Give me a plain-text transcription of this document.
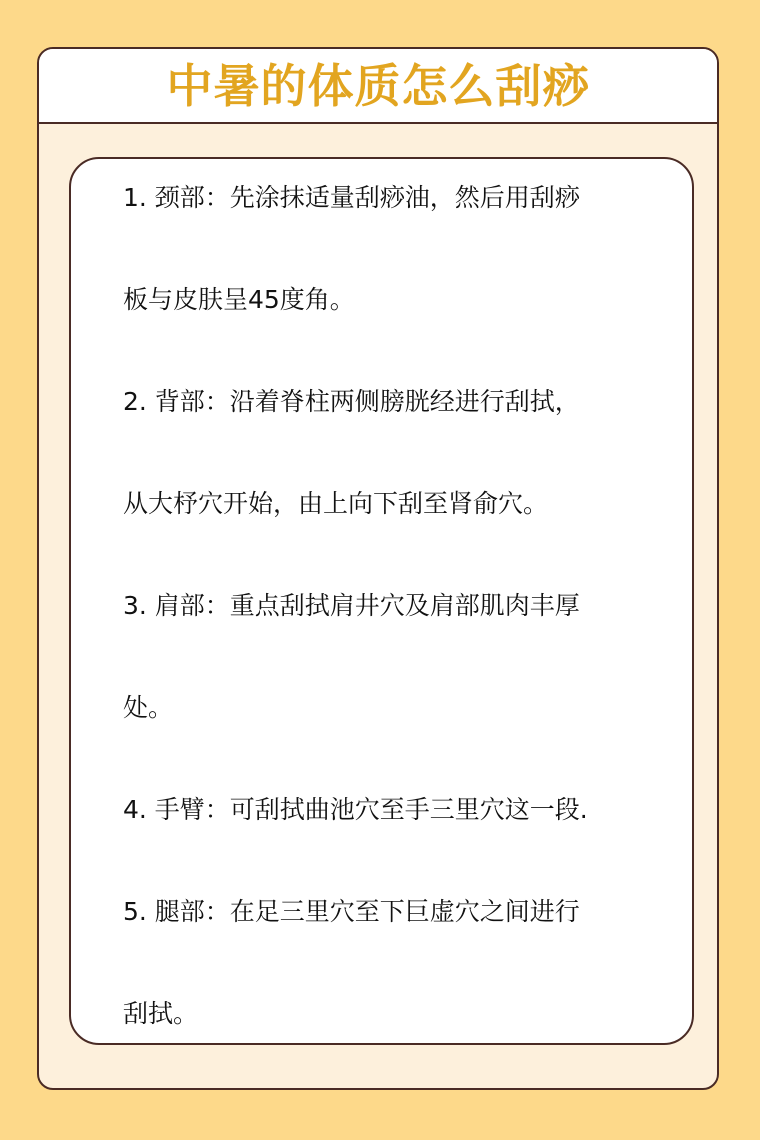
中暑的体质怎么刮痧

1. 颈部：先涂抹适量刮痧油，然后用刮痧

板与皮肤呈45度角。

2. 背部：沿着脊柱两侧膀胱经进行刮拭，

从大杼穴开始，由上向下刮至肾俞穴。

3. 肩部：重点刮拭肩井穴及肩部肌肉丰厚

处。

4. 手臂：可刮拭曲池穴至手三里穴这一段.

5. 腿部：在足三里穴至下巨虚穴之间进行

刮拭。
